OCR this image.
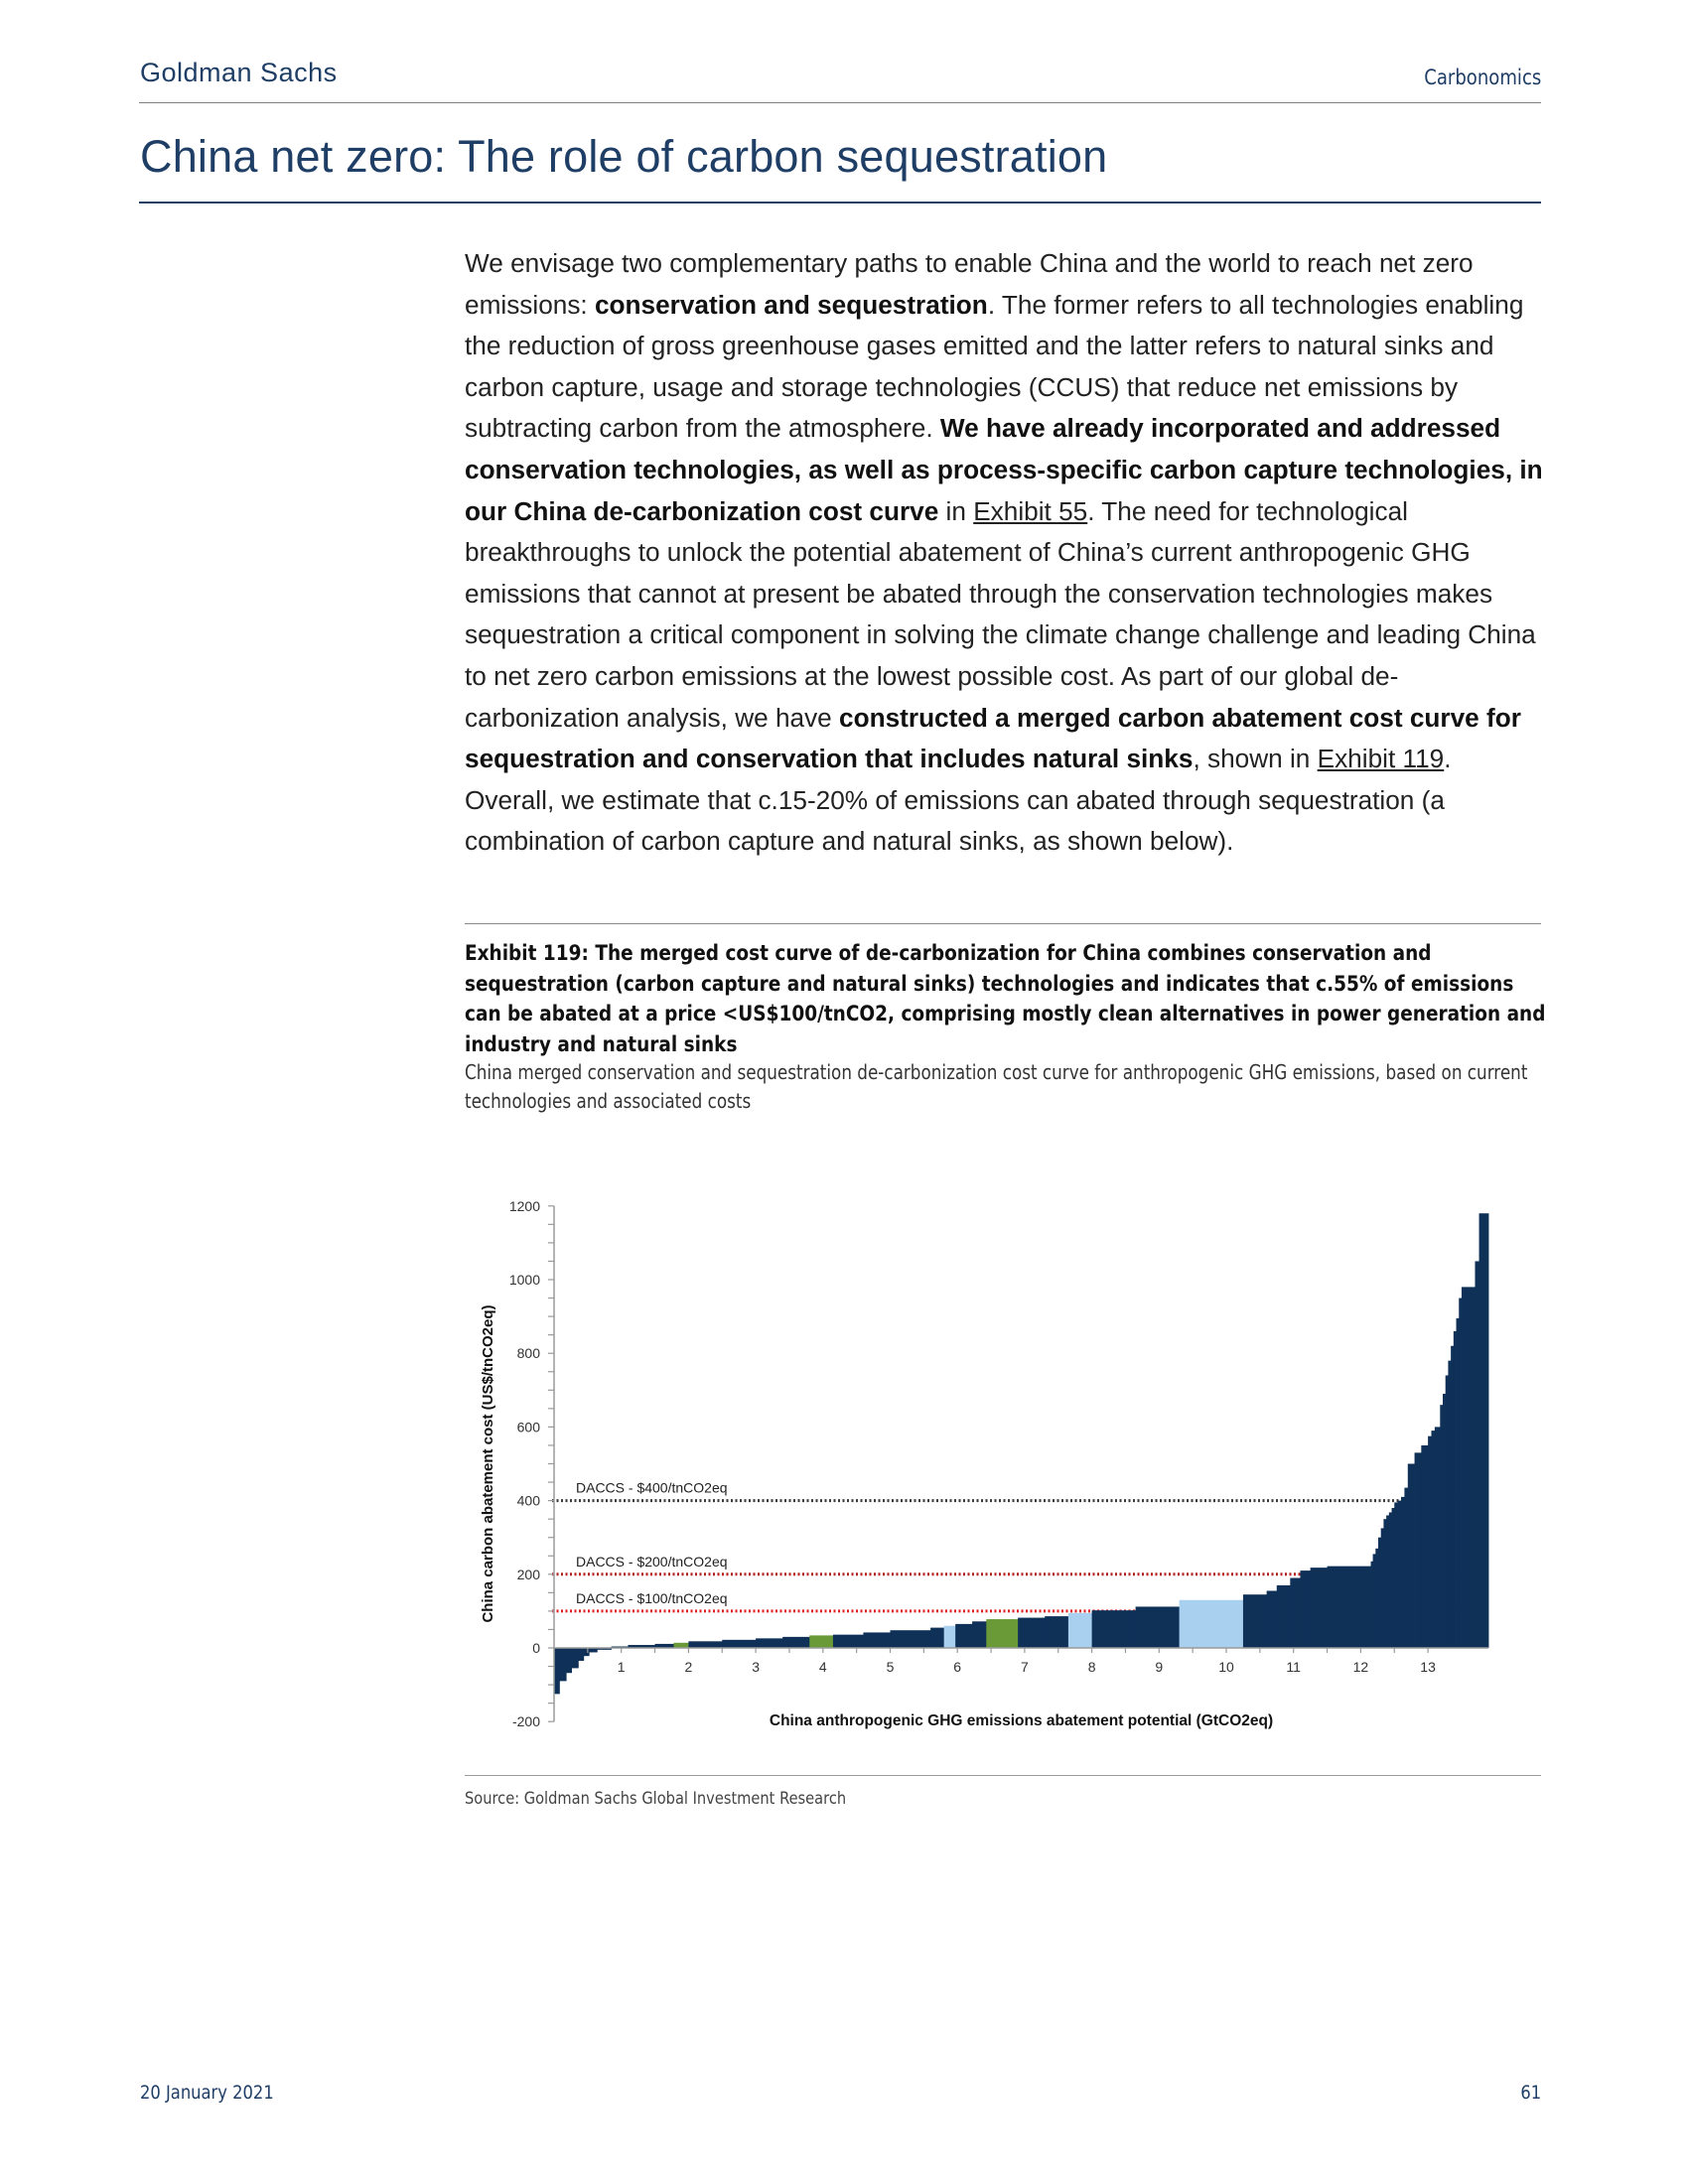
Goldman Sachs	Carbonomics
China net zero: The role of carbon sequestration
We envisage two complementary paths to enable China and the world to reach net zero emissions: conservation and sequestration. The former refers to all technologies enabling the reduction of gross greenhouse gases emitted and the latter refers to natural sinks and carbon capture, usage and storage technologies (CCUS) that reduce net emissions by subtracting carbon from the atmosphere. We have already incorporated and addressed conservation technologies, as well as process-specific carbon capture technologies, in our China de-carbonization cost curve in Exhibit 55. The need for technological breakthroughs to unlock the potential abatement of China’s current anthropogenic GHG emissions that cannot at present be abated through the conservation technologies makes sequestration a critical component in solving the climate change challenge and leading China to net zero carbon emissions at the lowest possible cost. As part of our global de-carbonization analysis, we have constructed a merged carbon abatement cost curve for sequestration and conservation that includes natural sinks, shown in Exhibit 119. Overall, we estimate that c.15-20% of emissions can abated through sequestration (a combination of carbon capture and natural sinks, as shown below).
Exhibit 119: The merged cost curve of de-carbonization for China combines conservation and sequestration (carbon capture and natural sinks) technologies and indicates that c.55% of emissions can be abated at a price <US$100/tnCO2, comprising mostly clean alternatives in power generation and industry and natural sinks
China merged conservation and sequestration de-carbonization cost curve for anthropogenic GHG emissions, based on current technologies and associated costs
DACCS - $400/tnCO2eq
DACCS - $200/tnCO2eq
DACCS - $100/tnCO2eq
1200
1000
800
600
400
200
0
-200
1	2	3	4	5	6	7	8	9	10	11	12	13
China carbon abatement cost (US$/tnCO2eq)
China anthropogenic GHG emissions abatement potential (GtCO2eq)
Source: Goldman Sachs Global Investment Research
20 January 2021	61
